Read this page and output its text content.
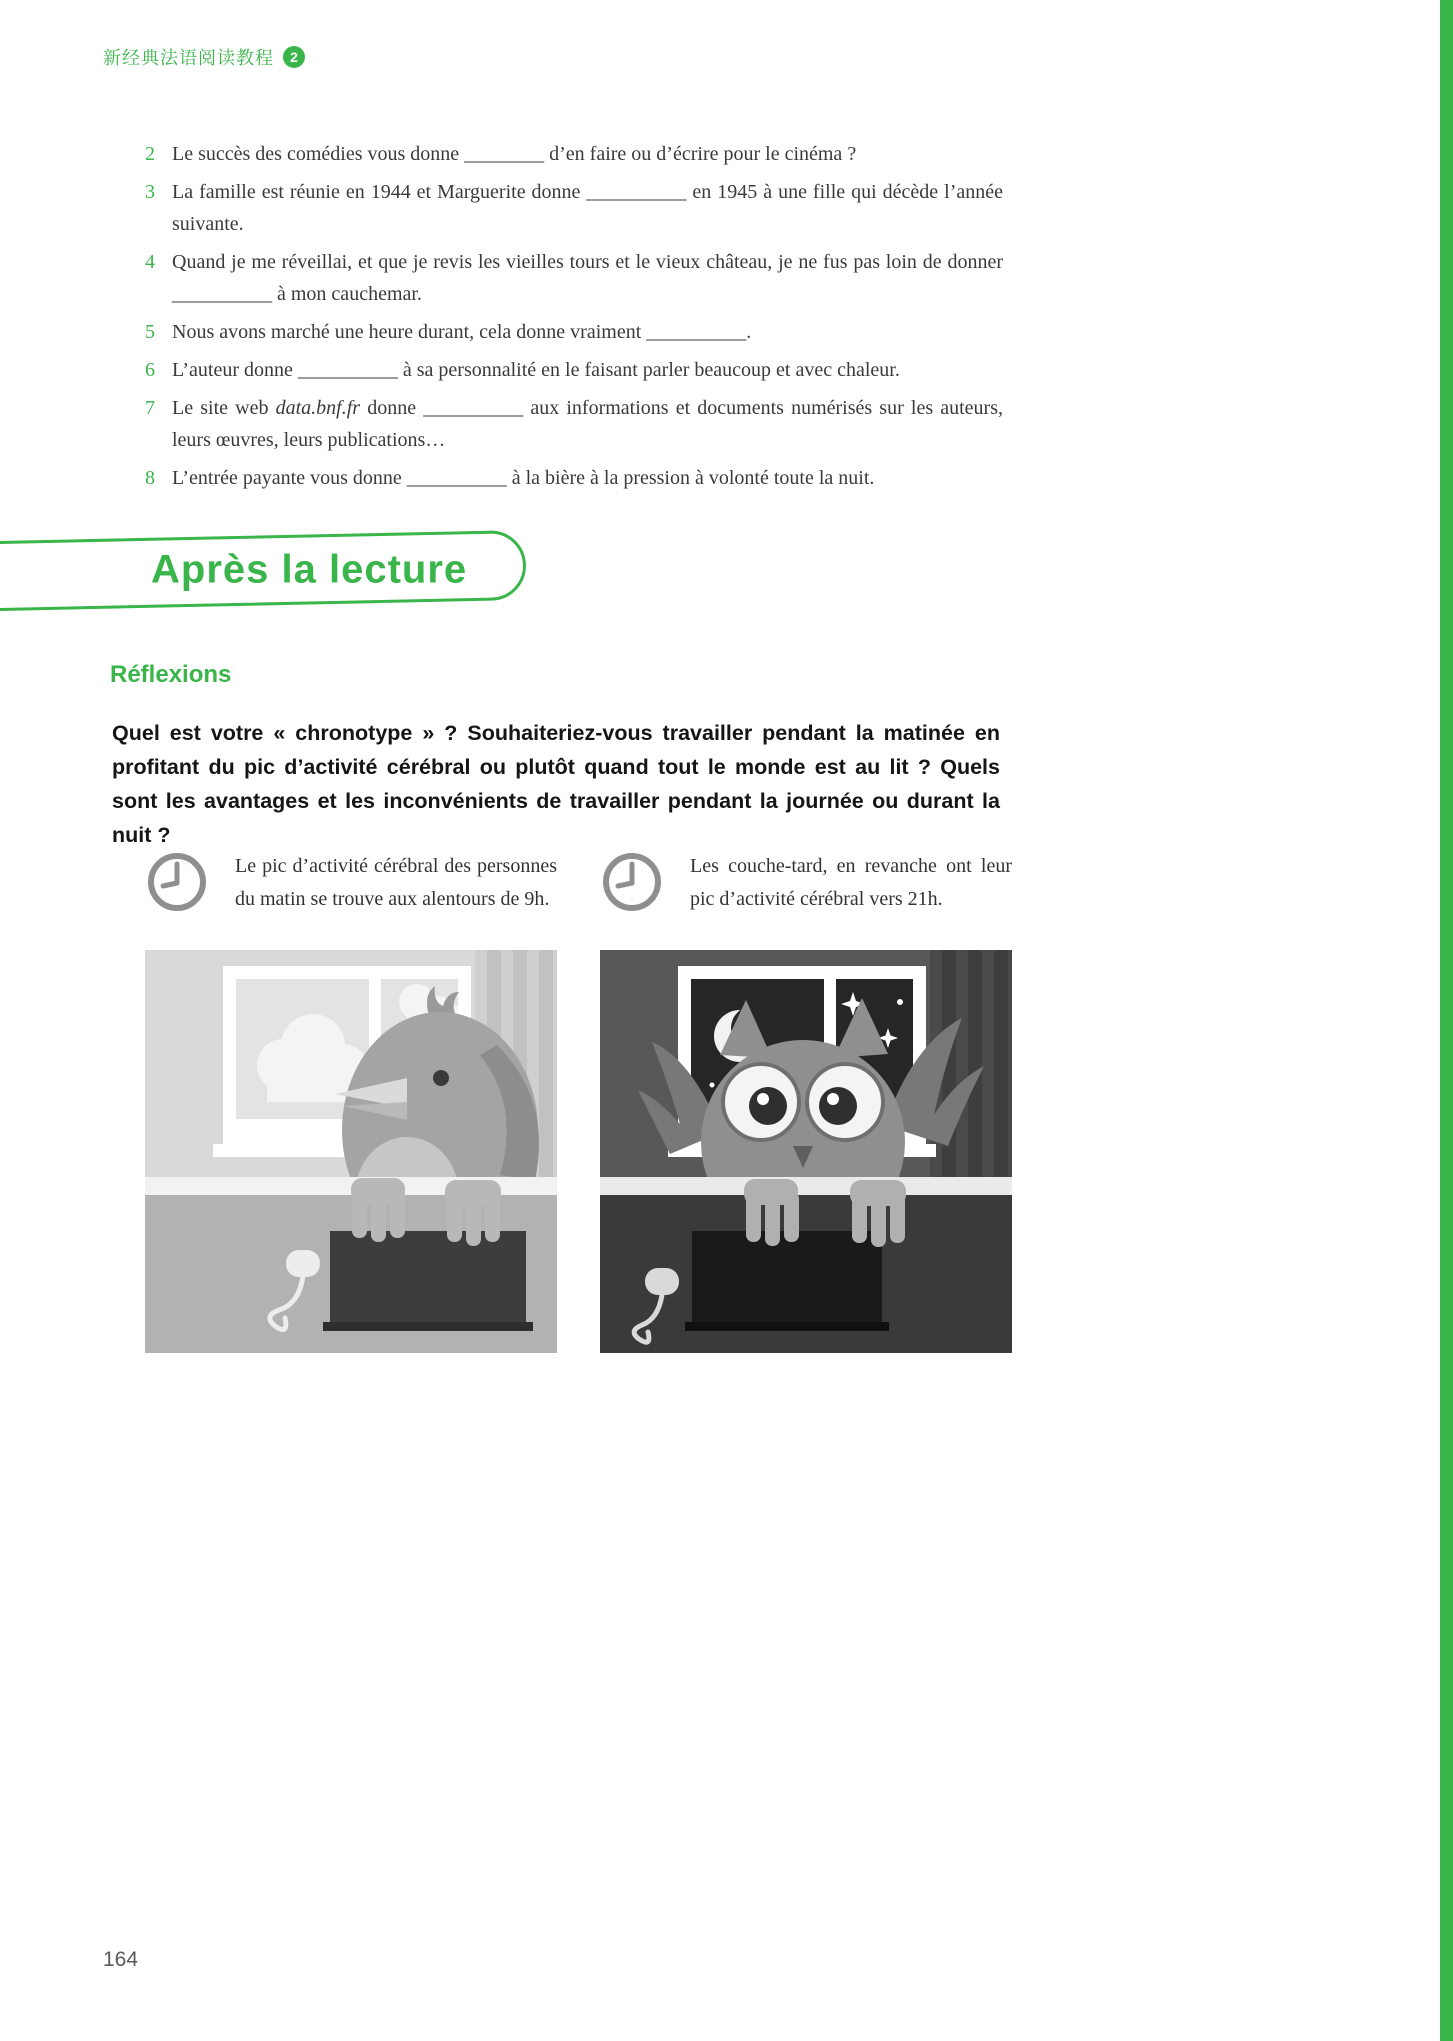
新经典法语阅读教程 2
2 Le succès des comédies vous donne ________ d’en faire ou d’écrire pour le cinéma ?
3 La famille est réunie en 1944 et Marguerite donne __________ en 1945 à une fille qui décède l’année suivante.
4 Quand je me réveillai, et que je revis les vieilles tours et le vieux château, je ne fus pas loin de donner __________ à mon cauchemar.
5 Nous avons marché une heure durant, cela donne vraiment __________.
6 L’auteur donne __________ à sa personnalité en le faisant parler beaucoup et avec chaleur.
7 Le site web data.bnf.fr donne __________ aux informations et documents numérisés sur les auteurs, leurs œuvres, leurs publications…
8 L’entrée payante vous donne __________ à la bière à la pression à volonté toute la nuit.
Après la lecture
Réflexions

Quel est votre « chronotype » ? Souhaiteriez-vous travailler pendant la matinée en profitant du pic d’activité cérébral ou plutôt quand tout le monde est au lit ? Quels sont les avantages et les inconvénients de travailler pendant la journée ou durant la nuit ?

Le pic d’activité cérébral des personnes du matin se trouve aux alentours de 9h.

Les couche-tard, en revanche ont leur pic d’activité cérébral vers 21h.

164
